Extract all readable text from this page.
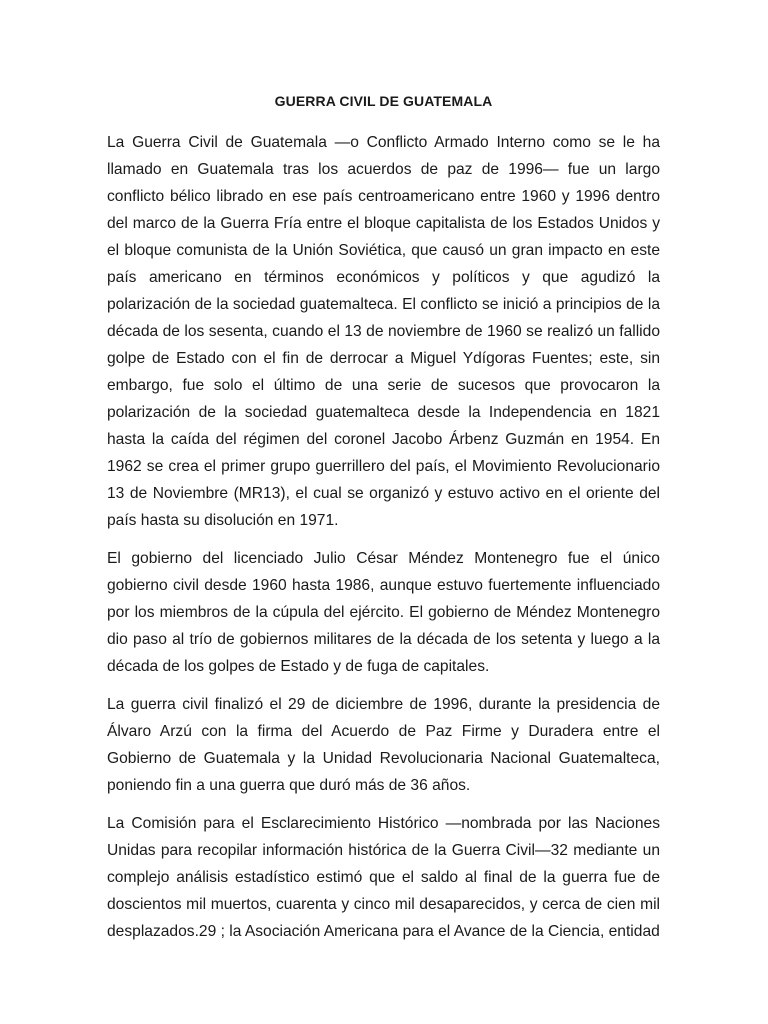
GUERRA CIVIL DE GUATEMALA

La Guerra Civil de Guatemala —o Conflicto Armado Interno como se le ha llamado en Guatemala tras los acuerdos de paz de 1996— fue un largo conflicto bélico librado en ese país centroamericano entre 1960 y 1996 dentro del marco de la Guerra Fría entre el bloque capitalista de los Estados Unidos y el bloque comunista de la Unión Soviética, que causó un gran impacto en este país americano en términos económicos y políticos y que agudizó la polarización de la sociedad guatemalteca. El conflicto se inició a principios de la década de los sesenta, cuando el 13 de noviembre de 1960 se realizó un fallido golpe de Estado con el fin de derrocar a Miguel Ydígoras Fuentes; este, sin embargo, fue solo el último de una serie de sucesos que provocaron la polarización de la sociedad guatemalteca desde la Independencia en 1821 hasta la caída del régimen del coronel Jacobo Árbenz Guzmán en 1954. En 1962 se crea el primer grupo guerrillero del país, el Movimiento Revolucionario 13 de Noviembre (MR13), el cual se organizó y estuvo activo en el oriente del país hasta su disolución en 1971.

El gobierno del licenciado Julio César Méndez Montenegro fue el único gobierno civil desde 1960 hasta 1986, aunque estuvo fuertemente influenciado por los miembros de la cúpula del ejército. El gobierno de Méndez Montenegro dio paso al trío de gobiernos militares de la década de los setenta y luego a la década de los golpes de Estado y de fuga de capitales.

La guerra civil finalizó el 29 de diciembre de 1996, durante la presidencia de Álvaro Arzú con la firma del Acuerdo de Paz Firme y Duradera entre el Gobierno de Guatemala y la Unidad Revolucionaria Nacional Guatemalteca, poniendo fin a una guerra que duró más de 36 años.

La Comisión para el Esclarecimiento Histórico —nombrada por las Naciones Unidas para recopilar información histórica de la Guerra Civil—32 mediante un complejo análisis estadístico estimó que el saldo al final de la guerra fue de doscientos mil muertos, cuarenta y cinco mil desaparecidos, y cerca de cien mil desplazados.29 ; la Asociación Americana para el Avance de la Ciencia, entidad
